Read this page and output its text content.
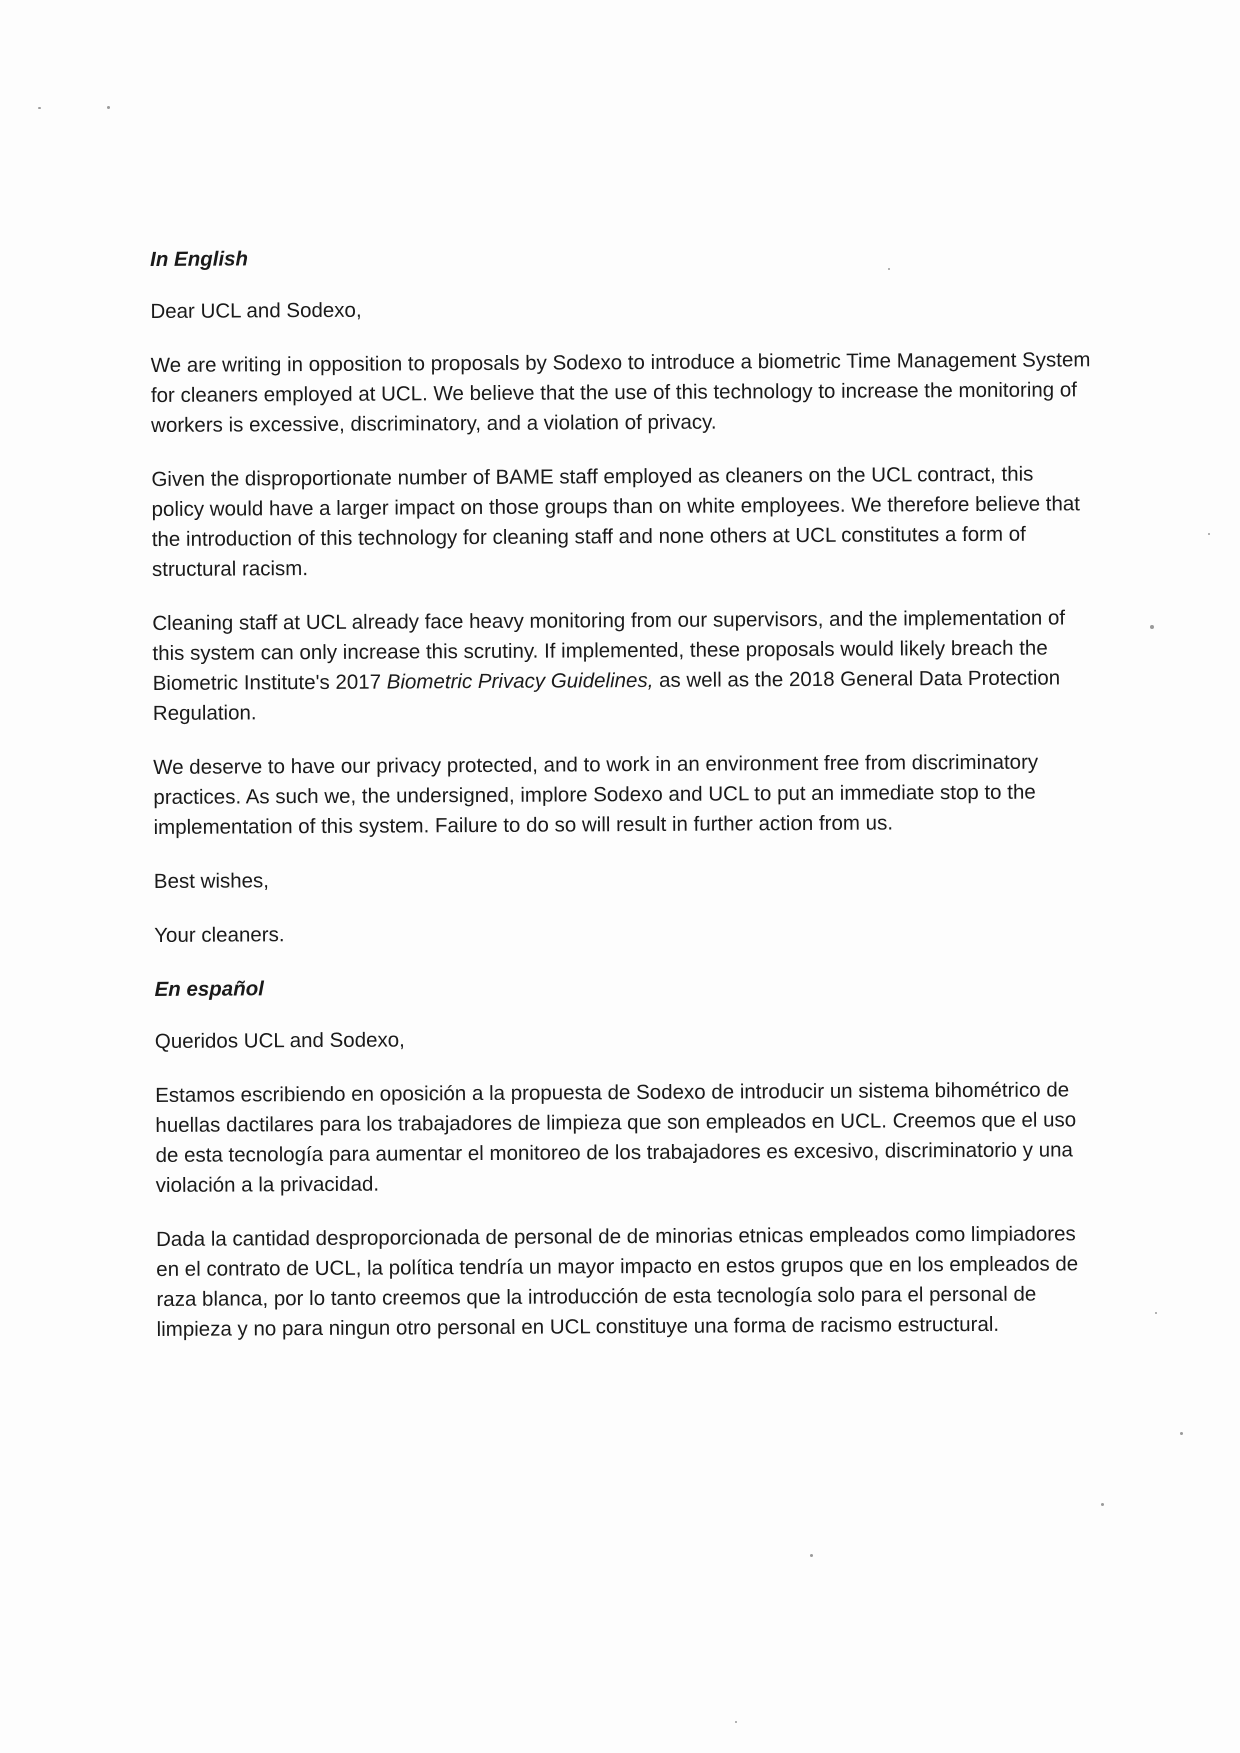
In English

Dear UCL and Sodexo,

We are writing in opposition to proposals by Sodexo to introduce a biometric Time Management System for cleaners employed at UCL. We believe that the use of this technology to increase the monitoring of workers is excessive, discriminatory, and a violation of privacy.

Given the disproportionate number of BAME staff employed as cleaners on the UCL contract, this policy would have a larger impact on those groups than on white employees. We therefore believe that the introduction of this technology for cleaning staff and none others at UCL constitutes a form of structural racism.

Cleaning staff at UCL already face heavy monitoring from our supervisors, and the implementation of this system can only increase this scrutiny. If implemented, these proposals would likely breach the Biometric Institute's 2017 Biometric Privacy Guidelines, as well as the 2018 General Data Protection Regulation.

We deserve to have our privacy protected, and to work in an environment free from discriminatory practices. As such we, the undersigned, implore Sodexo and UCL to put an immediate stop to the implementation of this system. Failure to do so will result in further action from us.

Best wishes,

Your cleaners.

En español

Queridos UCL and Sodexo,

Estamos escribiendo en oposición a la propuesta de Sodexo de introducir un sistema bihométrico de huellas dactilares para los trabajadores de limpieza que son empleados en UCL. Creemos que el uso de esta tecnología para aumentar el monitoreo de los trabajadores es excesivo, discriminatorio y una violación a la privacidad.

Dada la cantidad desproporcionada de personal de de minorias etnicas empleados como limpiadores en el contrato de UCL, la política tendría un mayor impacto en estos grupos que en los empleados de raza blanca, por lo tanto creemos que la introducción de esta tecnología solo para el personal de limpieza y no para ningun otro personal en UCL constituye una forma de racismo estructural.
